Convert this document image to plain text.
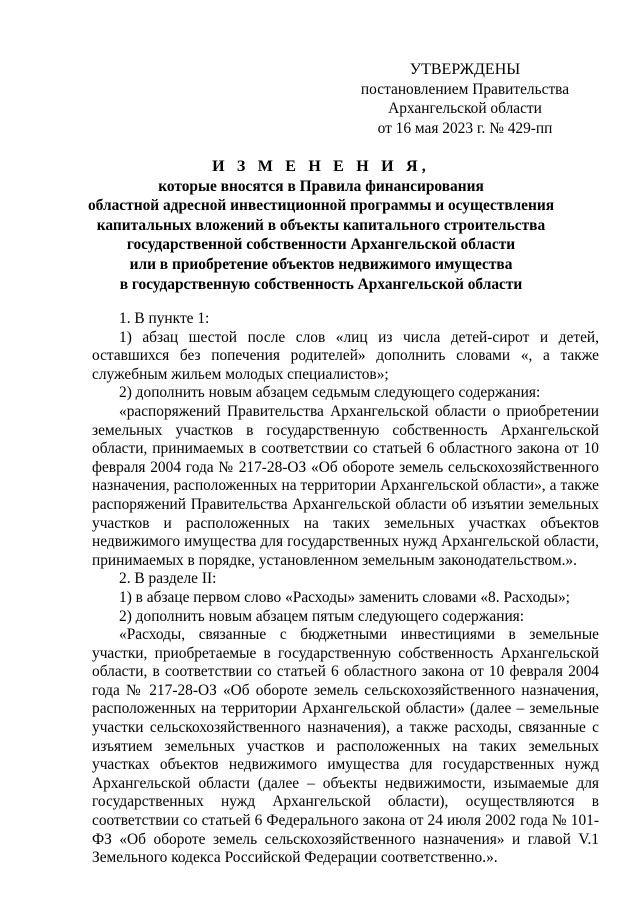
УТВЕРЖДЕНЫ
постановлением Правительства
Архангельской области
от 16 мая 2023 г. № 429-пп
И З М Е Н Е Н И Я,
которые вносятся в Правила финансирования
областной адресной инвестиционной программы и осуществления
капитальных вложений в объекты капитального строительства
государственной собственности Архангельской области
или в приобретение объектов недвижимого имущества
в государственную собственность Архангельской области

1. В пункте 1:

1) абзац шестой после слов «лиц из числа детей-сирот и детей, оставшихся без попечения родителей» дополнить словами «, а также служебным жильем молодых специалистов»;

2) дополнить новым абзацем седьмым следующего содержания:

«распоряжений Правительства Архангельской области о приобретении земельных участков в государственную собственность Архангельской области, принимаемых в соответствии со статьей 6 областного закона от 10 февраля 2004 года № 217-28-ОЗ «Об обороте земель сельскохозяйственного назначения, расположенных на территории Архангельской области», а также распоряжений Правительства Архангельской области об изъятии земельных участков и расположенных на таких земельных участках объектов недвижимого имущества для государственных нужд Архангельской области, принимаемых в порядке, установленном земельным законодательством.».

2. В разделе II:

1) в абзаце первом слово «Расходы» заменить словами «8. Расходы»;

2) дополнить новым абзацем пятым следующего содержания:

«Расходы, связанные с бюджетными инвестициями в земельные участки, приобретаемые в государственную собственность Архангельской области, в соответствии со статьей 6 областного закона от 10 февраля 2004 года № 217-28-ОЗ «Об обороте земель сельскохозяйственного назначения, расположенных на территории Архангельской области» (далее – земельные участки сельскохозяйственного назначения), а также расходы, связанные с изъятием земельных участков и расположенных на таких земельных участках объектов недвижимого имущества для государственных нужд Архангельской области (далее – объекты недвижимости, изымаемые для государственных нужд Архангельской области), осуществляются в соответствии со статьей 6 Федерального закона от 24 июля 2002 года № 101-ФЗ «Об обороте земель сельскохозяйственного назначения» и главой V.1 Земельного кодекса Российской Федерации соответственно.».
